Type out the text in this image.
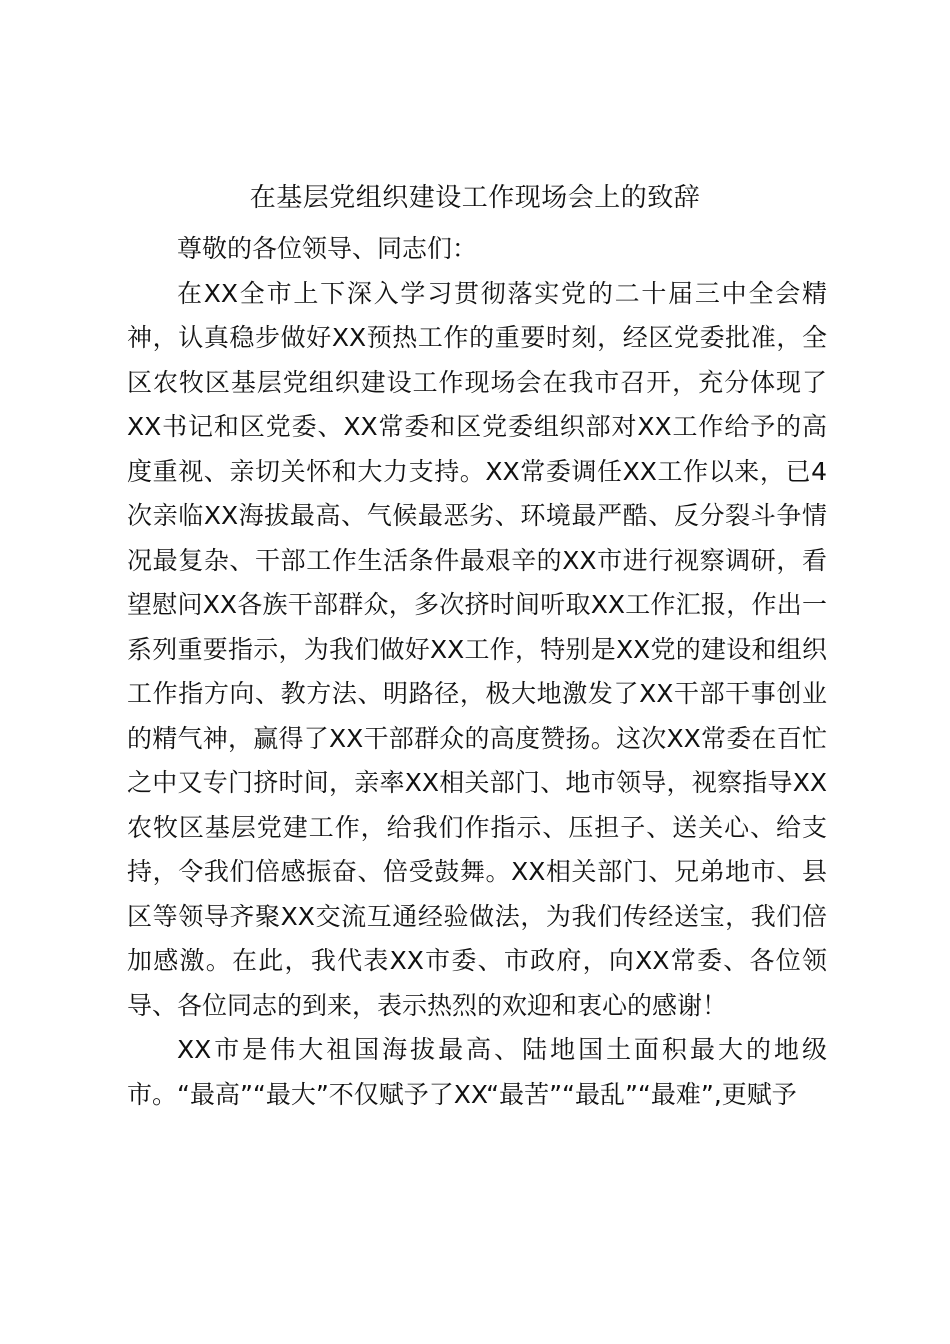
在基层党组织建设工作现场会上的致辞

尊敬的各位领导、同志们：

在XX全市上下深入学习贯彻落实党的二十届三中全会精神，认真稳步做好XX预热工作的重要时刻，经区党委批准，全区农牧区基层党组织建设工作现场会在我市召开，充分体现了XX书记和区党委、XX常委和区党委组织部对XX工作给予的高度重视、亲切关怀和大力支持。XX常委调任XX工作以来，已4次亲临XX海拔最高、气候最恶劣、环境最严酷、反分裂斗争情况最复杂、干部工作生活条件最艰辛的XX市进行视察调研，看望慰问XX各族干部群众，多次挤时间听取XX工作汇报，作出一系列重要指示，为我们做好XX工作，特别是XX党的建设和组织工作指方向、教方法、明路径，极大地激发了XX干部干事创业的精气神，赢得了XX干部群众的高度赞扬。这次XX常委在百忙之中又专门挤时间，亲率XX相关部门、地市领导，视察指导XX农牧区基层党建工作，给我们作指示、压担子、送关心、给支持，令我们倍感振奋、倍受鼓舞。XX相关部门、兄弟地市、县区等领导齐聚XX交流互通经验做法，为我们传经送宝，我们倍加感激。在此，我代表XX市委、市政府，向XX常委、各位领导、各位同志的到来，表示热烈的欢迎和衷心的感谢！

XX市是伟大祖国海拔最高、陆地国土面积最大的地级市。“最高”“最大”不仅赋予了XX“最苦”“最乱”“最难”,更赋予
